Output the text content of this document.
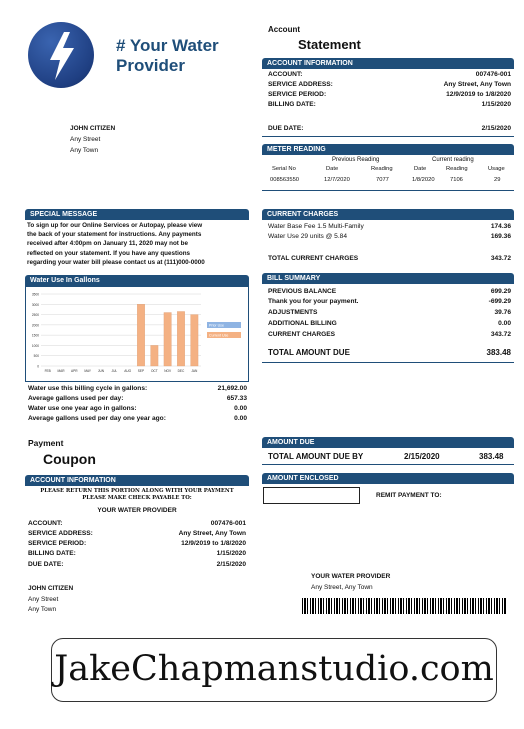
# Your Water
Provider
Account
Statement
JOHN CITIZEN
Any Street
Any Town
ACCOUNT INFORMATION
ACCOUNT:	007476-001
SERVICE ADDRESS:	Any Street, Any Town
SERVICE PERIOD:	12/9/2019 to 1/8/2020
BILLING DATE:	1/15/2020
DUE DATE:	2/15/2020
METER READING
Previous Reading	Current reading
Serial No	Date	Reading	Date	Reading	Usage
008563550	12/7/2020	7077	1/8/2020	7106	29
SPECIAL MESSAGE
To sign up for our Online Services or Autopay, please view
the back of your statement for instructions. Any payments
received after 4:00pm on January 11, 2020 may not be
reflected on your statement. If you have any questions
regarding your water bill please contact us at (111)000-0000
Water Use In Gallons
3500
3000
2500
2000
1500
1000
500
0
FEB MAR APR MAY JUN JUL AUG SEP OCT NOV DEC JAN
Prior Use
Current Use
Water use this billing cycle in gallons:	21,692.00
Average gallons used per day:	657.33
Water use one year ago in gallons:	0.00
Average gallons used per day one year ago:	0.00
CURRENT CHARGES
Water Base Fee 1.5 Multi-Family	174.36
Water Use 29 units @ 5.84	169.36
TOTAL CURRENT CHARGES	343.72
BILL SUMMARY
PREVIOUS BALANCE	699.29
Thank you for your payment.	-699.29
ADJUSTMENTS	39.76
ADDITIONAL BILLING	0.00
CURRENT CHARGES	343.72
TOTAL AMOUNT DUE	383.48
Payment
Coupon
AMOUNT DUE
TOTAL AMOUNT DUE BY	2/15/2020	383.48
AMOUNT ENCLOSED
REMIT PAYMENT TO:
ACCOUNT INFORMATION
PLEASE RETURN THIS PORTION ALONG WITH YOUR PAYMENT
PLEASE MAKE CHECK PAYABLE TO:
YOUR WATER PROVIDER
ACCOUNT:	007476-001
SERVICE ADDRESS:	Any Street, Any Town
SERVICE PERIOD:	12/9/2019 to 1/8/2020
BILLING DATE:	1/15/2020
DUE DATE:	2/15/2020
JOHN CITIZEN
Any Street
Any Town
YOUR WATER PROVIDER
Any Street, Any Town
JakeChapmanstudio.com
